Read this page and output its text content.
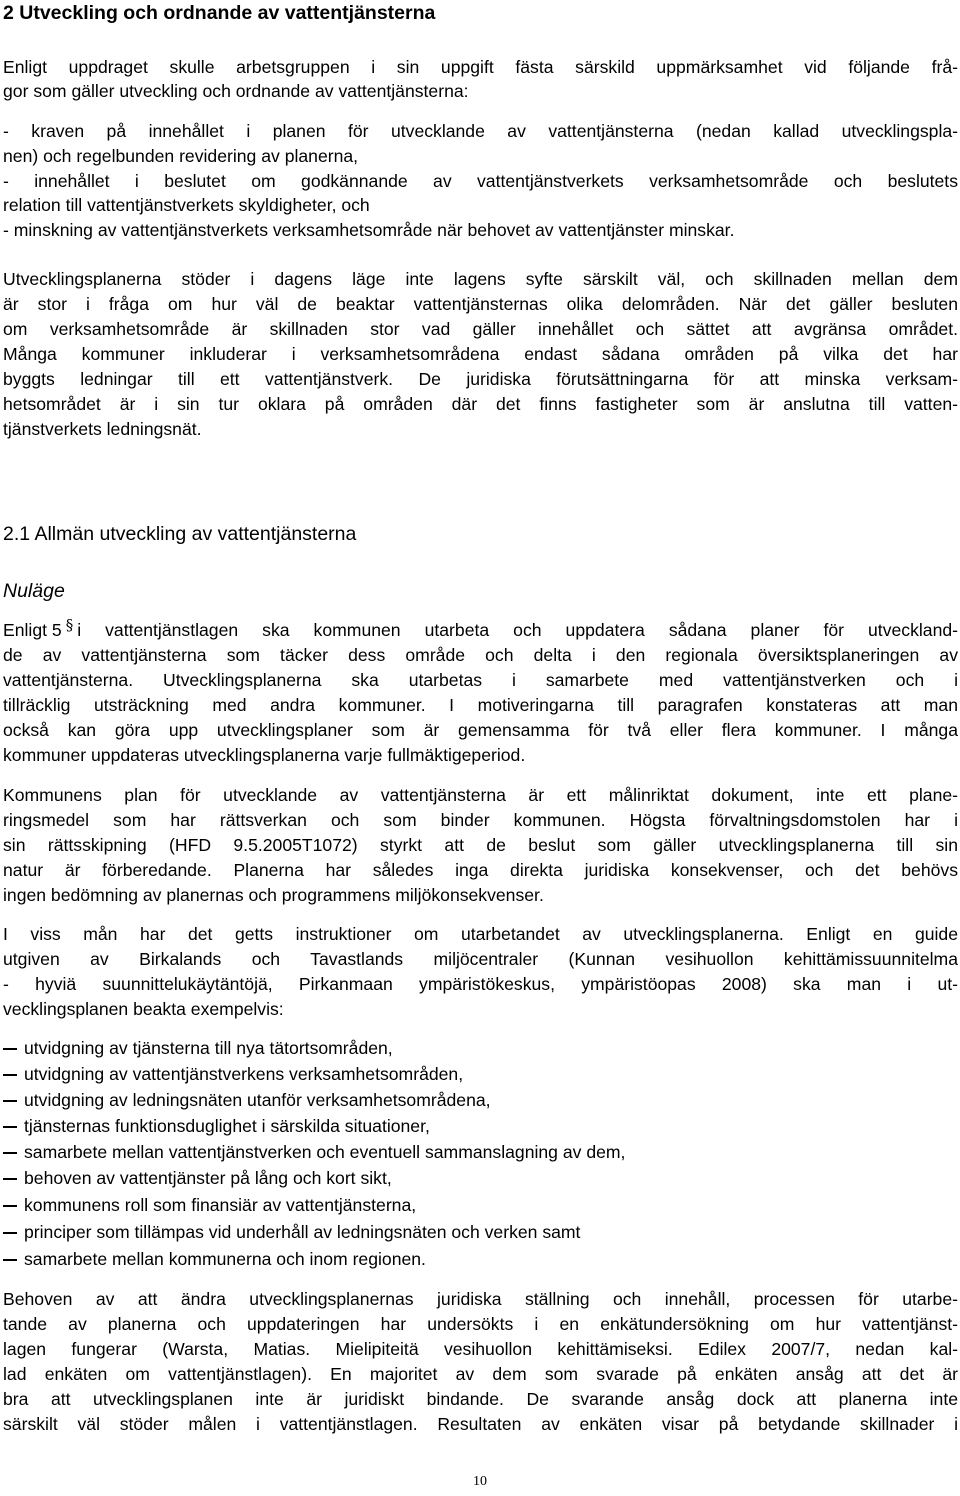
2 Utveckling och ordnande av vattentjänsterna
Enligt uppdraget skulle arbetsgruppen i sin uppgift fästa särskild uppmärksamhet vid följande frå-
gor som gäller utveckling och ordnande av vattentjänsterna:
- kraven på innehållet i planen för utvecklande av vattentjänsterna (nedan kallad utvecklingspla-
nen) och regelbunden revidering av planerna,
- innehållet i beslutet om godkännande av vattentjänstverkets verksamhetsområde och beslutets
relation till vattentjänstverkets skyldigheter, och
- minskning av vattentjänstverkets verksamhetsområde när behovet av vattentjänster minskar.
Utvecklingsplanerna stöder i dagens läge inte lagens syfte särskilt väl, och skillnaden mellan dem
är stor i fråga om hur väl de beaktar vattentjänsternas olika delområden. När det gäller besluten
om verksamhetsområde är skillnaden stor vad gäller innehållet och sättet att avgränsa området.
Många kommuner inkluderar i verksamhetsområdena endast sådana områden på vilka det har
byggts ledningar till ett vattentjänstverk. De juridiska förutsättningarna för att minska verksam-
hetsområdet är i sin tur oklara på områden där det finns fastigheter som är anslutna till vatten-
tjänstverkets ledningsnät.
2.1 Allmän utveckling av vattentjänsterna
Nuläge
Enligt 5 § i vattentjänstlagen ska kommunen utarbeta och uppdatera sådana planer för utveckland-
de av vattentjänsterna som täcker dess område och delta i den regionala översiktsplaneringen av
vattentjänsterna. Utvecklingsplanerna ska utarbetas i samarbete med vattentjänstverken och i
tillräcklig utsträckning med andra kommuner. I motiveringarna till paragrafen konstateras att man
också kan göra upp utvecklingsplaner som är gemensamma för två eller flera kommuner. I många
kommuner uppdateras utvecklingsplanerna varje fullmäktigeperiod.
Kommunens plan för utvecklande av vattentjänsterna är ett målinriktat dokument, inte ett plane-
ringsmedel som har rättsverkan och som binder kommunen. Högsta förvaltningsdomstolen har i
sin rättsskipning (HFD 9.5.2005T1072) styrkt att de beslut som gäller utvecklingsplanerna till sin
natur är förberedande. Planerna har således inga direkta juridiska konsekvenser, och det behövs
ingen bedömning av planernas och programmens miljökonsekvenser.
I viss mån har det getts instruktioner om utarbetandet av utvecklingsplanerna. Enligt en guide
utgiven av Birkalands och Tavastlands miljöcentraler (Kunnan vesihuollon kehittämissuunnitelma
- hyviä suunnittelukäytäntöjä, Pirkanmaan ympäristökeskus, ympäristöopas 2008) ska man i ut-
vecklingsplanen beakta exempelvis:
utvidgning av tjänsterna till nya tätortsområden,
utvidgning av vattentjänstverkens verksamhetsområden,
utvidgning av ledningsnäten utanför verksamhetsområdena,
tjänsternas funktionsduglighet i särskilda situationer,
samarbete mellan vattentjänstverken och eventuell sammanslagning av dem,
behoven av vattentjänster på lång och kort sikt,
kommunens roll som finansiär av vattentjänsterna,
principer som tillämpas vid underhåll av ledningsnäten och verken samt
samarbete mellan kommunerna och inom regionen.
Behoven av att ändra utvecklingsplanernas juridiska ställning och innehåll, processen för utarbe-
tande av planerna och uppdateringen har undersökts i en enkätundersökning om hur vattentjänst-
lagen fungerar (Warsta, Matias. Mielipiteitä vesihuollon kehittämiseksi. Edilex 2007/7, nedan kal-
lad enkäten om vattentjänstlagen). En majoritet av dem som svarade på enkäten ansåg att det är
bra att utvecklingsplanen inte är juridiskt bindande. De svarande ansåg dock att planerna inte
särskilt väl stöder målen i vattentjänstlagen. Resultaten av enkäten visar på betydande skillnader i
10
